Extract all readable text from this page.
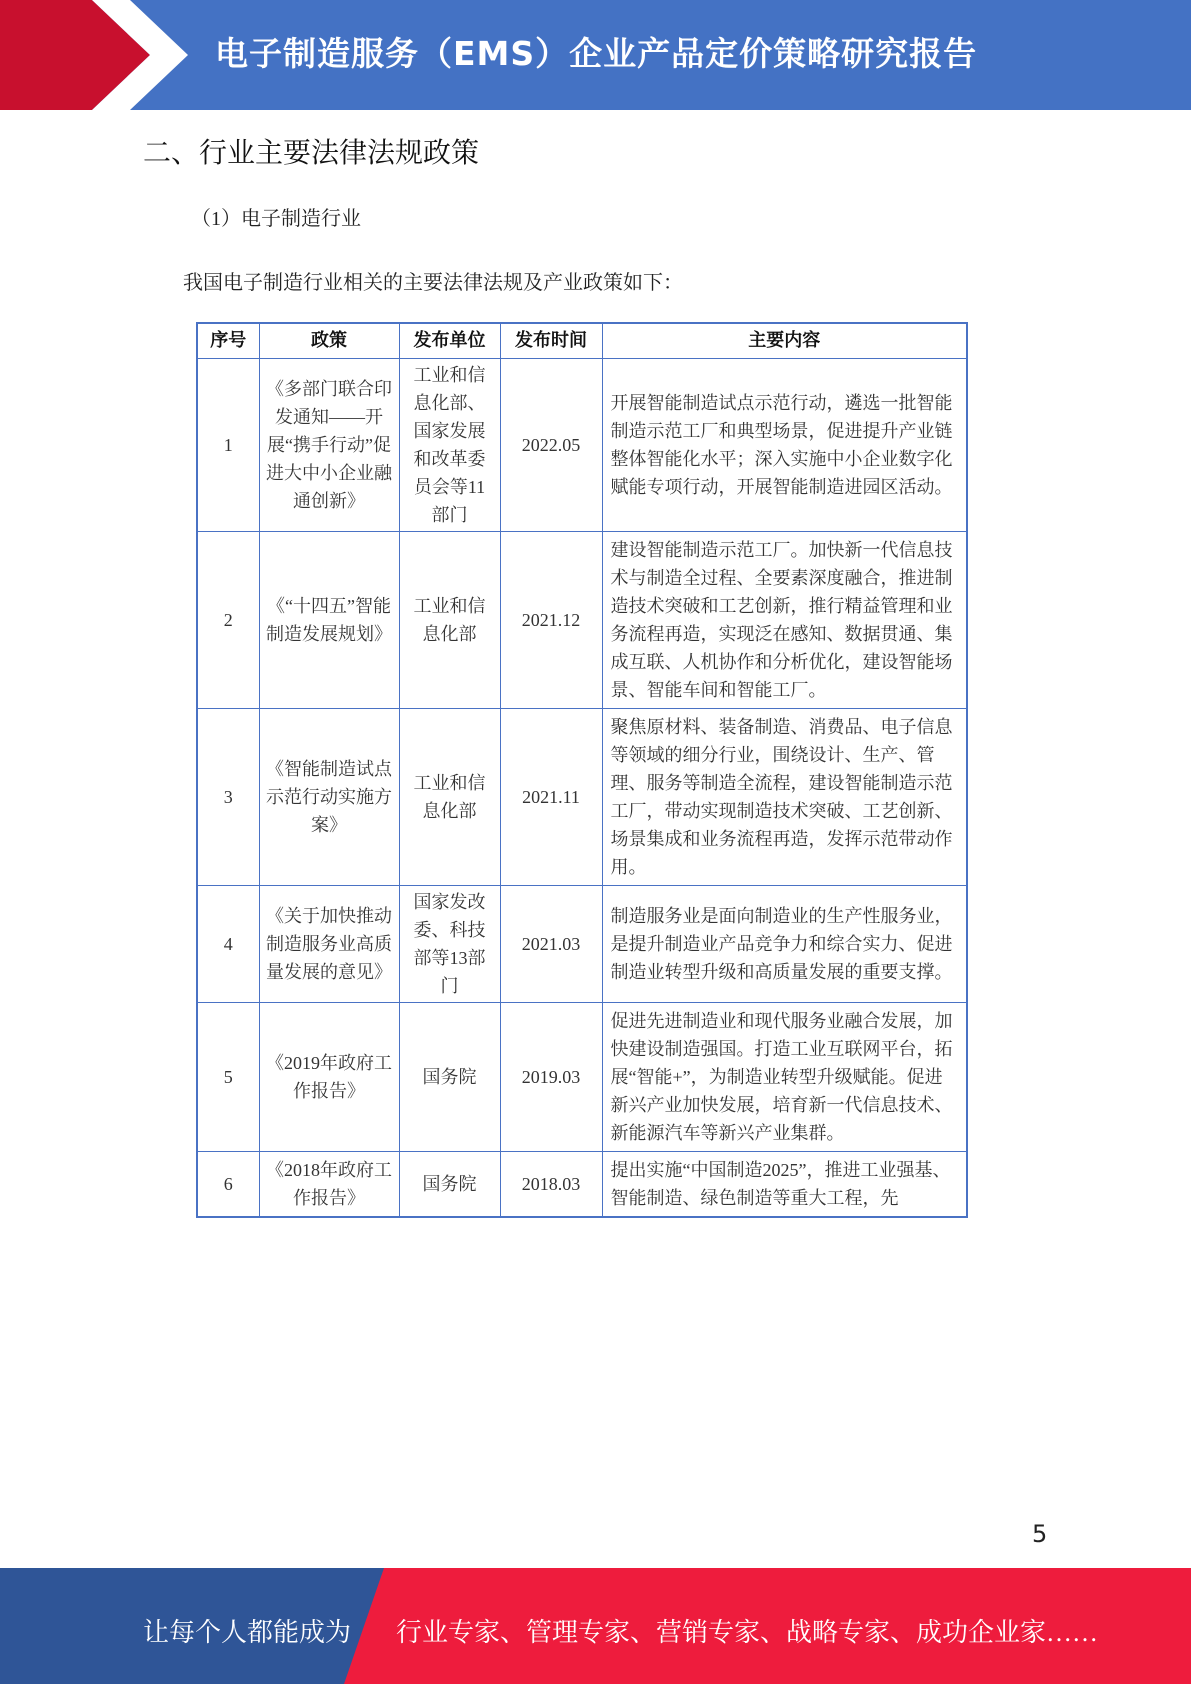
电子制造服务（EMS）企业产品定价策略研究报告
二、行业主要法律法规政策
（1）电子制造行业
我国电子制造行业相关的主要法律法规及产业政策如下：
序号	政策	发布单位	发布时间	主要内容
1	《多部门联合印发通知——开展“携手行动”促进大中小企业融通创新》	工业和信息化部、国家发展和改革委员会等11部门	2022.05	开展智能制造试点示范行动，遴选一批智能制造示范工厂和典型场景，促进提升产业链整体智能化水平；深入实施中小企业数字化赋能专项行动，开展智能制造进园区活动。
2	《“十四五”智能制造发展规划》	工业和信息化部	2021.12	建设智能制造示范工厂。加快新一代信息技术与制造全过程、全要素深度融合，推进制造技术突破和工艺创新，推行精益管理和业务流程再造，实现泛在感知、数据贯通、集成互联、人机协作和分析优化，建设智能场景、智能车间和智能工厂。
3	《智能制造试点示范行动实施方案》	工业和信息化部	2021.11	聚焦原材料、装备制造、消费品、电子信息等领域的细分行业，围绕设计、生产、管理、服务等制造全流程，建设智能制造示范工厂，带动实现制造技术突破、工艺创新、场景集成和业务流程再造，发挥示范带动作用。
4	《关于加快推动制造服务业高质量发展的意见》	国家发改委、科技部等13部门	2021.03	制造服务业是面向制造业的生产性服务业，是提升制造业产品竞争力和综合实力、促进制造业转型升级和高质量发展的重要支撑。
5	《2019年政府工作报告》	国务院	2019.03	促进先进制造业和现代服务业融合发展，加快建设制造强国。打造工业互联网平台，拓展“智能+”，为制造业转型升级赋能。促进新兴产业加快发展，培育新一代信息技术、新能源汽车等新兴产业集群。
6	《2018年政府工作报告》	国务院	2018.03	提出实施“中国制造2025”，推进工业强基、智能制造、绿色制造等重大工程，先
5
让每个人都能成为 行业专家、管理专家、营销专家、战略专家、成功企业家……
